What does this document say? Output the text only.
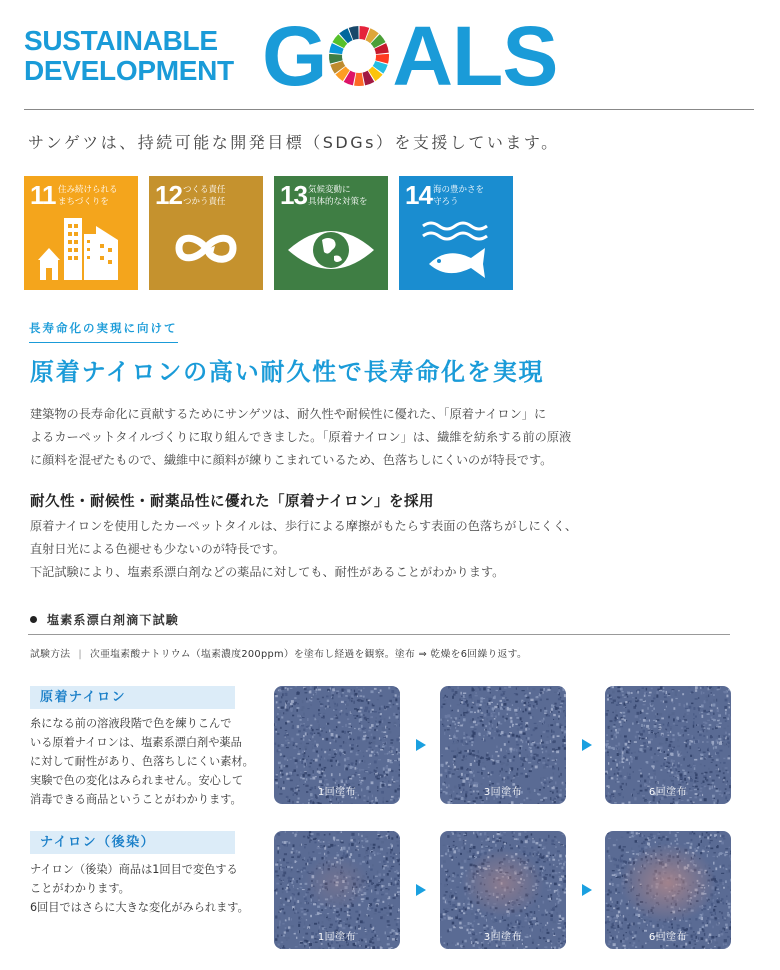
SUSTAINABLE
DEVELOPMENT G ALS
サンゲツは、持続可能な開発目標（SDGs）を支援しています。
11 住み続けられる
まちづくりを	12 つくる責任
つかう責任 13 気候変動に
具体的な対策を 14 海の豊かさを
守ろう
長寿命化の実現に向けて
原着ナイロンの高い耐久性で長寿命化を実現
建築物の長寿命化に貢献するためにサンゲツは、耐久性や耐候性に優れた、「原着ナイロン」に
よるカーペットタイルづくりに取り組んできました。「原着ナイロン」は、繊維を紡糸する前の原液
に顔料を混ぜたもので、繊維中に顔料が練りこまれているため、色落ちしにくいのが特長です。
耐久性・耐候性・耐薬品性に優れた「原着ナイロン」を採用
原着ナイロンを使用したカーペットタイルは、歩行による摩擦がもたらす表面の色落ちがしにくく、
直射日光による色褪せも少ないのが特長です。
下記試験により、塩素系漂白剤などの薬品に対しても、耐性があることがわかります。
塩素系漂白剤滴下試験
試験方法 | 次亜塩素酸ナトリウム（塩素濃度200ppm）を塗布し経過を観察。塗布 ⇒ 乾燥を6回繰り返す。
原着ナイロン
糸になる前の溶液段階で色を練りこんで
いる原着ナイロンは、塩素系漂白剤や薬品
に対して耐性があり、色落ちしにくい素材。
実験で色の変化はみられません。安心して
消毒できる商品ということがわかります。
1回塗布	3回塗布	6回塗布
ナイロン（後染）
ナイロン（後染）商品は1回目で変色する
ことがわかります。
6回目ではさらに大きな変化がみられます。
1回塗布	3回塗布	6回塗布
